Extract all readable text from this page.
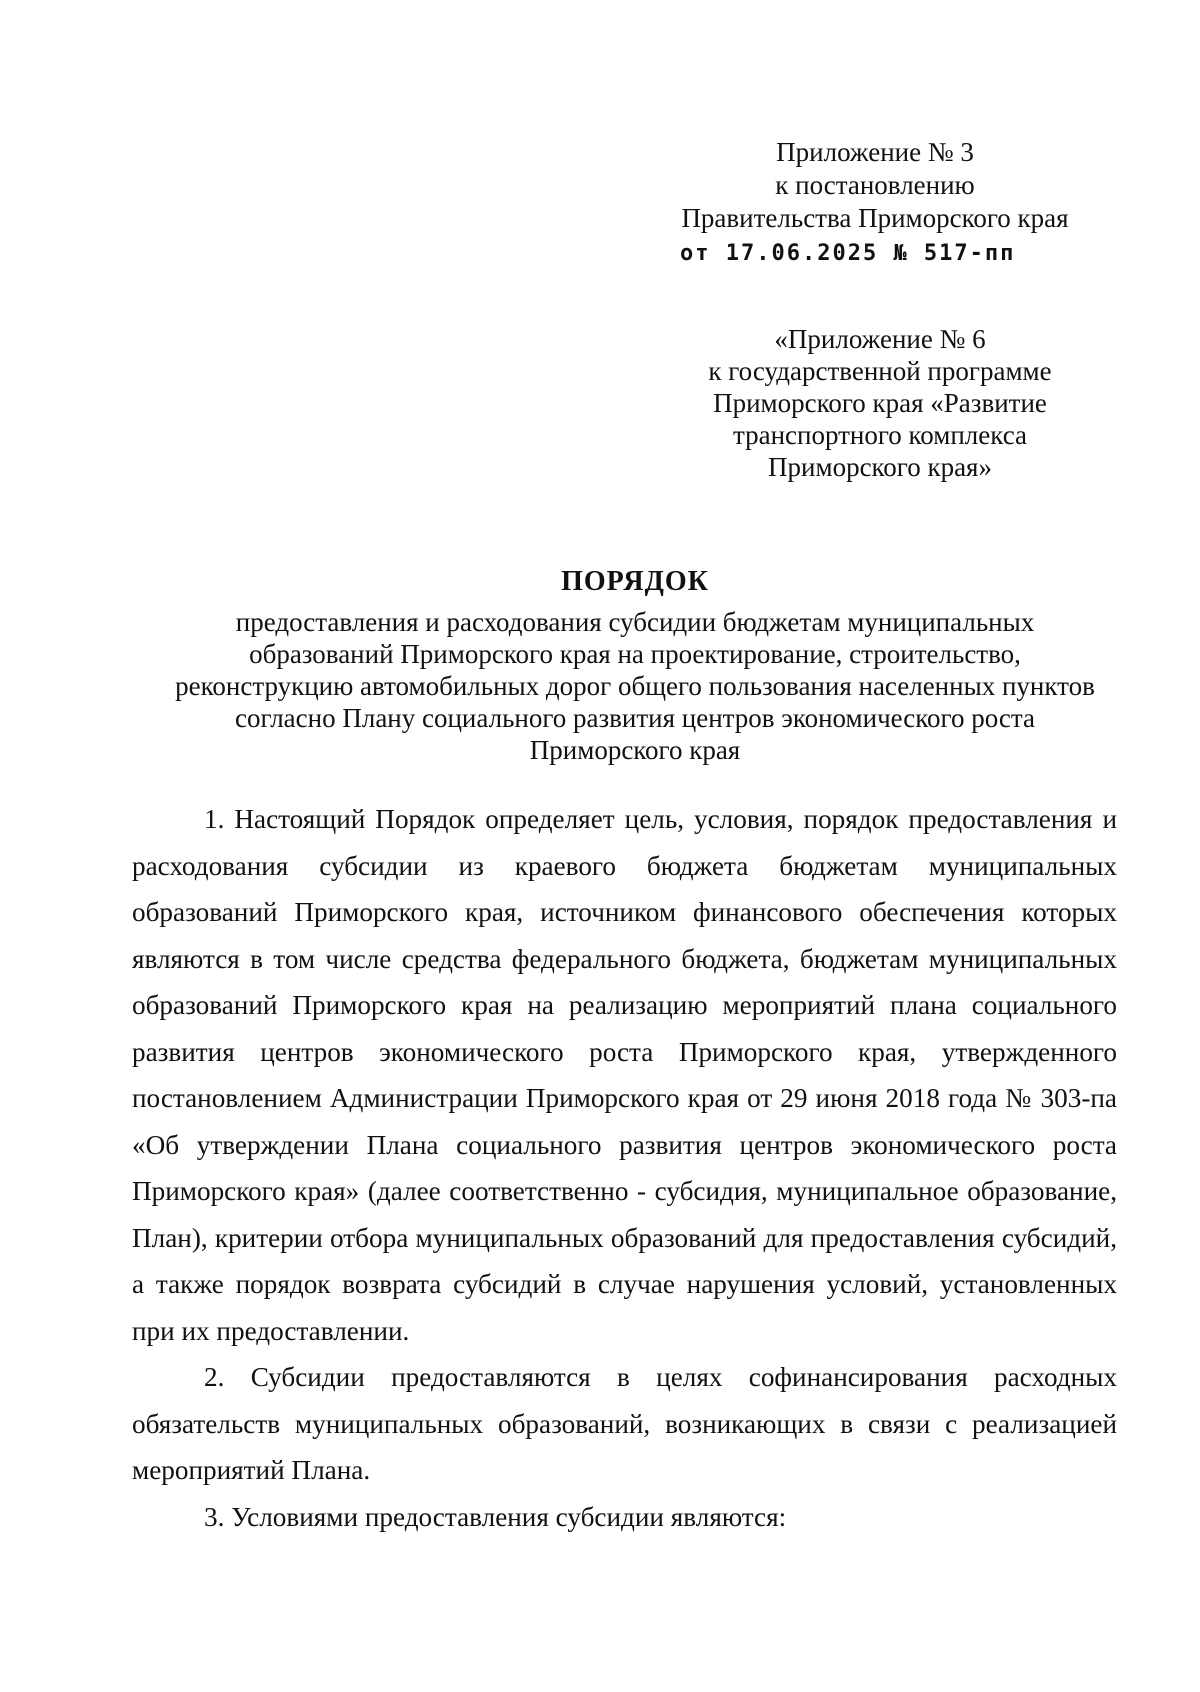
Приложение № 3
к постановлению
Правительства Приморского края
от 17.06.2025 № 517-пп
«Приложение № 6
к государственной программе
Приморского края «Развитие
транспортного комплекса
Приморского края»
ПОРЯДОК
предоставления и расходования субсидии бюджетам муниципальных
образований Приморского края на проектирование, строительство,
реконструкцию автомобильных дорог общего пользования населенных пунктов
согласно Плану социального развития центров экономического роста
Приморского края

1. Настоящий Порядок определяет цель, условия, порядок предоставления и расходования субсидии из краевого бюджета бюджетам муниципальных образований Приморского края, источником финансового обеспечения которых являются в том числе средства федерального бюджета, бюджетам муниципальных образований Приморского края на реализацию мероприятий плана социального развития центров экономического роста Приморского края, утвержденного постановлением Администрации Приморского края от 29 июня 2018 года № 303-па «Об утверждении Плана социального развития центров экономического роста Приморского края» (далее соответственно - субсидия, муниципальное образование, План), критерии отбора муниципальных образований для предоставления субсидий, а также порядок возврата субсидий в случае нарушения условий, установленных при их предоставлении.

2. Субсидии предоставляются в целях софинансирования расходных обязательств муниципальных образований, возникающих в связи с реализацией мероприятий Плана.

3. Условиями предоставления субсидии являются:
